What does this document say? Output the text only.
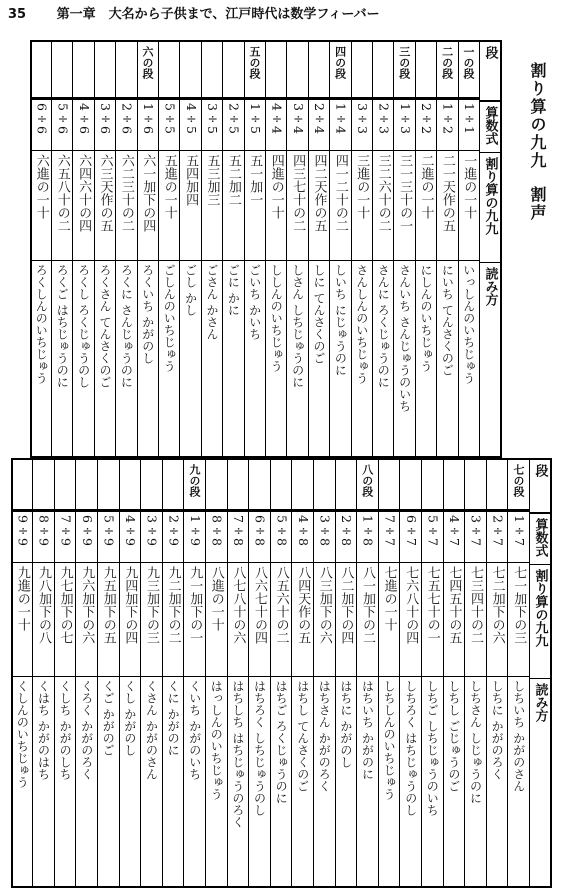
35 第一章　大名から子供まで、江戸時代は数学フィーバー
割り算の九九割声
段
算数式
割り算の九九
読み方
一の段
1÷1
一進の一十
いっしんのいちじゅう
二の段
1÷2
二一天作の五
にいち てんさくのご
2÷2
二進の一十
にしんのいちじゅう
三の段
1÷3
三一三十の一
さんいち さんじゅうのいち
2÷3
三二六十の二
さんに ろくじゅうのに
3÷3
三進の一十
さんしんのいちじゅう
四の段
1÷4
四一二十の二
しいち にじゅうのに
2÷4
四二天作の五
しに てんさくのご
3÷4
四三七十の二
しさん しちじゅうのに
4÷4
四進の一十
ししんのいちじゅう
五の段
1÷5
五一加一
ごいち かいち
2÷5
五二加二
ごに かに
3÷5
五三加三
ごさん かさん
4÷5
五四加四
ごし かし
5÷5
五進の一十
ごしんのいちじゅう
六の段
1÷6
六一加下の四
ろくいち かがのし
2÷6
六二三十の二
ろくに さんじゅうのに
3÷6
六三天作の五
ろくさん てんさくのご
4÷6
六四六十の四
ろくし ろくじゅうのし
5÷6
六五八十の二
ろくご はちじゅうのに
6÷6
六進の一十
ろくしんのいちじゅう
段
算数式
割り算の九九
読み方
七の段
1÷7
七一加下の三
しちいち かがのさん
2÷7
七二加下の六
しちに かがのろく
3÷7
七三四十の二
しちさん しじゅうのに
4÷7
七四五十の五
しちし ごじゅうのご
5÷7
七五七十の一
しちご しちじゅうのいち
6÷7
七六八十の四
しちろく はちじゅうのし
7÷7
七進の一十
しちしんのいちじゅう
八の段
1÷8
八一加下の二
はちいち かがのに
2÷8
八二加下の四
はちに かがのし
3÷8
八三加下の六
はちさん かがのろく
4÷8
八四天作の五
はちし てんさくのご
5÷8
八五六十の二
はちご ろくじゅうのに
6÷8
八六七十の四
はちろく しちじゅうのし
7÷8
八七八十の六
はちしち はちじゅうのろく
8÷8
八進の一十
はっしんのいちじゅう
九の段
1÷9
九一加下の一
くいち かがのいち
2÷9
九二加下の二
くに かがのに
3÷9
九三加下の三
くさん かがのさん
4÷9
九四加下の四
くし かがのし
5÷9
九五加下の五
くご かがのご
6÷9
九六加下の六
くろく かがのろく
7÷9
九七加下の七
くしち かがのしち
8÷9
九八加下の八
くはち かがのはち
9÷9
九進の一十
くしんのいちじゅう
